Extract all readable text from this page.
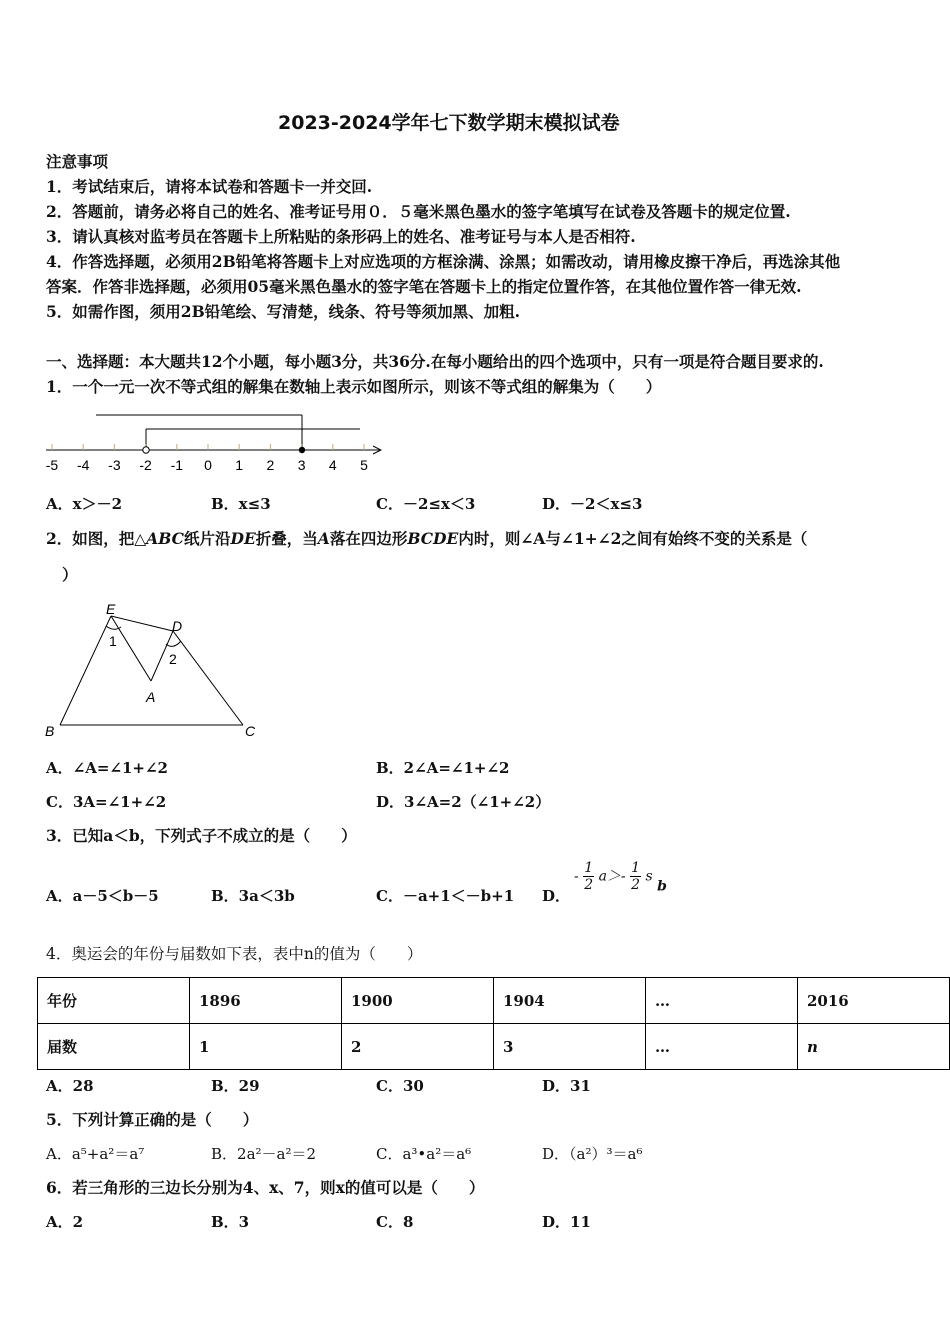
2023-2024学年七下数学期末模拟试卷
注意事项
1．考试结束后，请将本试卷和答题卡一并交回.
2．答题前，请务必将自己的姓名、准考证号用０．５毫米黑色墨水的签字笔填写在试卷及答题卡的规定位置.
3．请认真核对监考员在答题卡上所粘贴的条形码上的姓名、准考证号与本人是否相符.
4．作答选择题，必须用2B铅笔将答题卡上对应选项的方框涂满、涂黑；如需改动，请用橡皮擦干净后，再选涂其他
答案．作答非选择题，必须用05毫米黑色墨水的签字笔在答题卡上的指定位置作答，在其他位置作答一律无效.
5．如需作图，须用2B铅笔绘、写清楚，线条、符号等须加黑、加粗.
一、选择题：本大题共12个小题，每小题3分，共36分.在每小题给出的四个选项中，只有一项是符合题目要求的.
1．一个一元一次不等式组的解集在数轴上表示如图所示，则该不等式组的解集为（　　）
-5 -4 -3 -2 -1 0 1 2 3 4 5
A．x＞－2	B．x≤3	C．－2≤x＜3	D．－2＜x≤3
2．如图，把△ABC纸片沿DE折叠，当A落在四边形BCDE内时，则∠A与∠1+∠2之间有始终不变的关系是（
）
E
D
B	C
A
1
2
A．∠A=∠1+∠2	B．2∠A=∠1+∠2
C．3A=∠1+∠2	D．3∠A=2（∠1+∠2）
3．已知a＜b，下列式子不成立的是（　　）
A．a－5＜b－5	B．3a＜3b	C．－a+1＜－b+1 D．
- $\frac{1}{2} a>- \frac{1}{2}$ s b
4．奥运会的年份与届数如下表，表中n的值为（　　）
年份	1896	1900	1904	…	2016
届数	1	2	3	…	n
A．28	B．29	C．30	D．31
5．下列计算正确的是（　　）
A．a⁵+a²＝a⁷	B．2a²－a²＝2	C．a³•a²＝a⁶	D．（a²）³＝a⁶
6．若三角形的三边长分别为4、x、7，则x的值可以是（　　）
A．2	B．3	C．8	D．11
